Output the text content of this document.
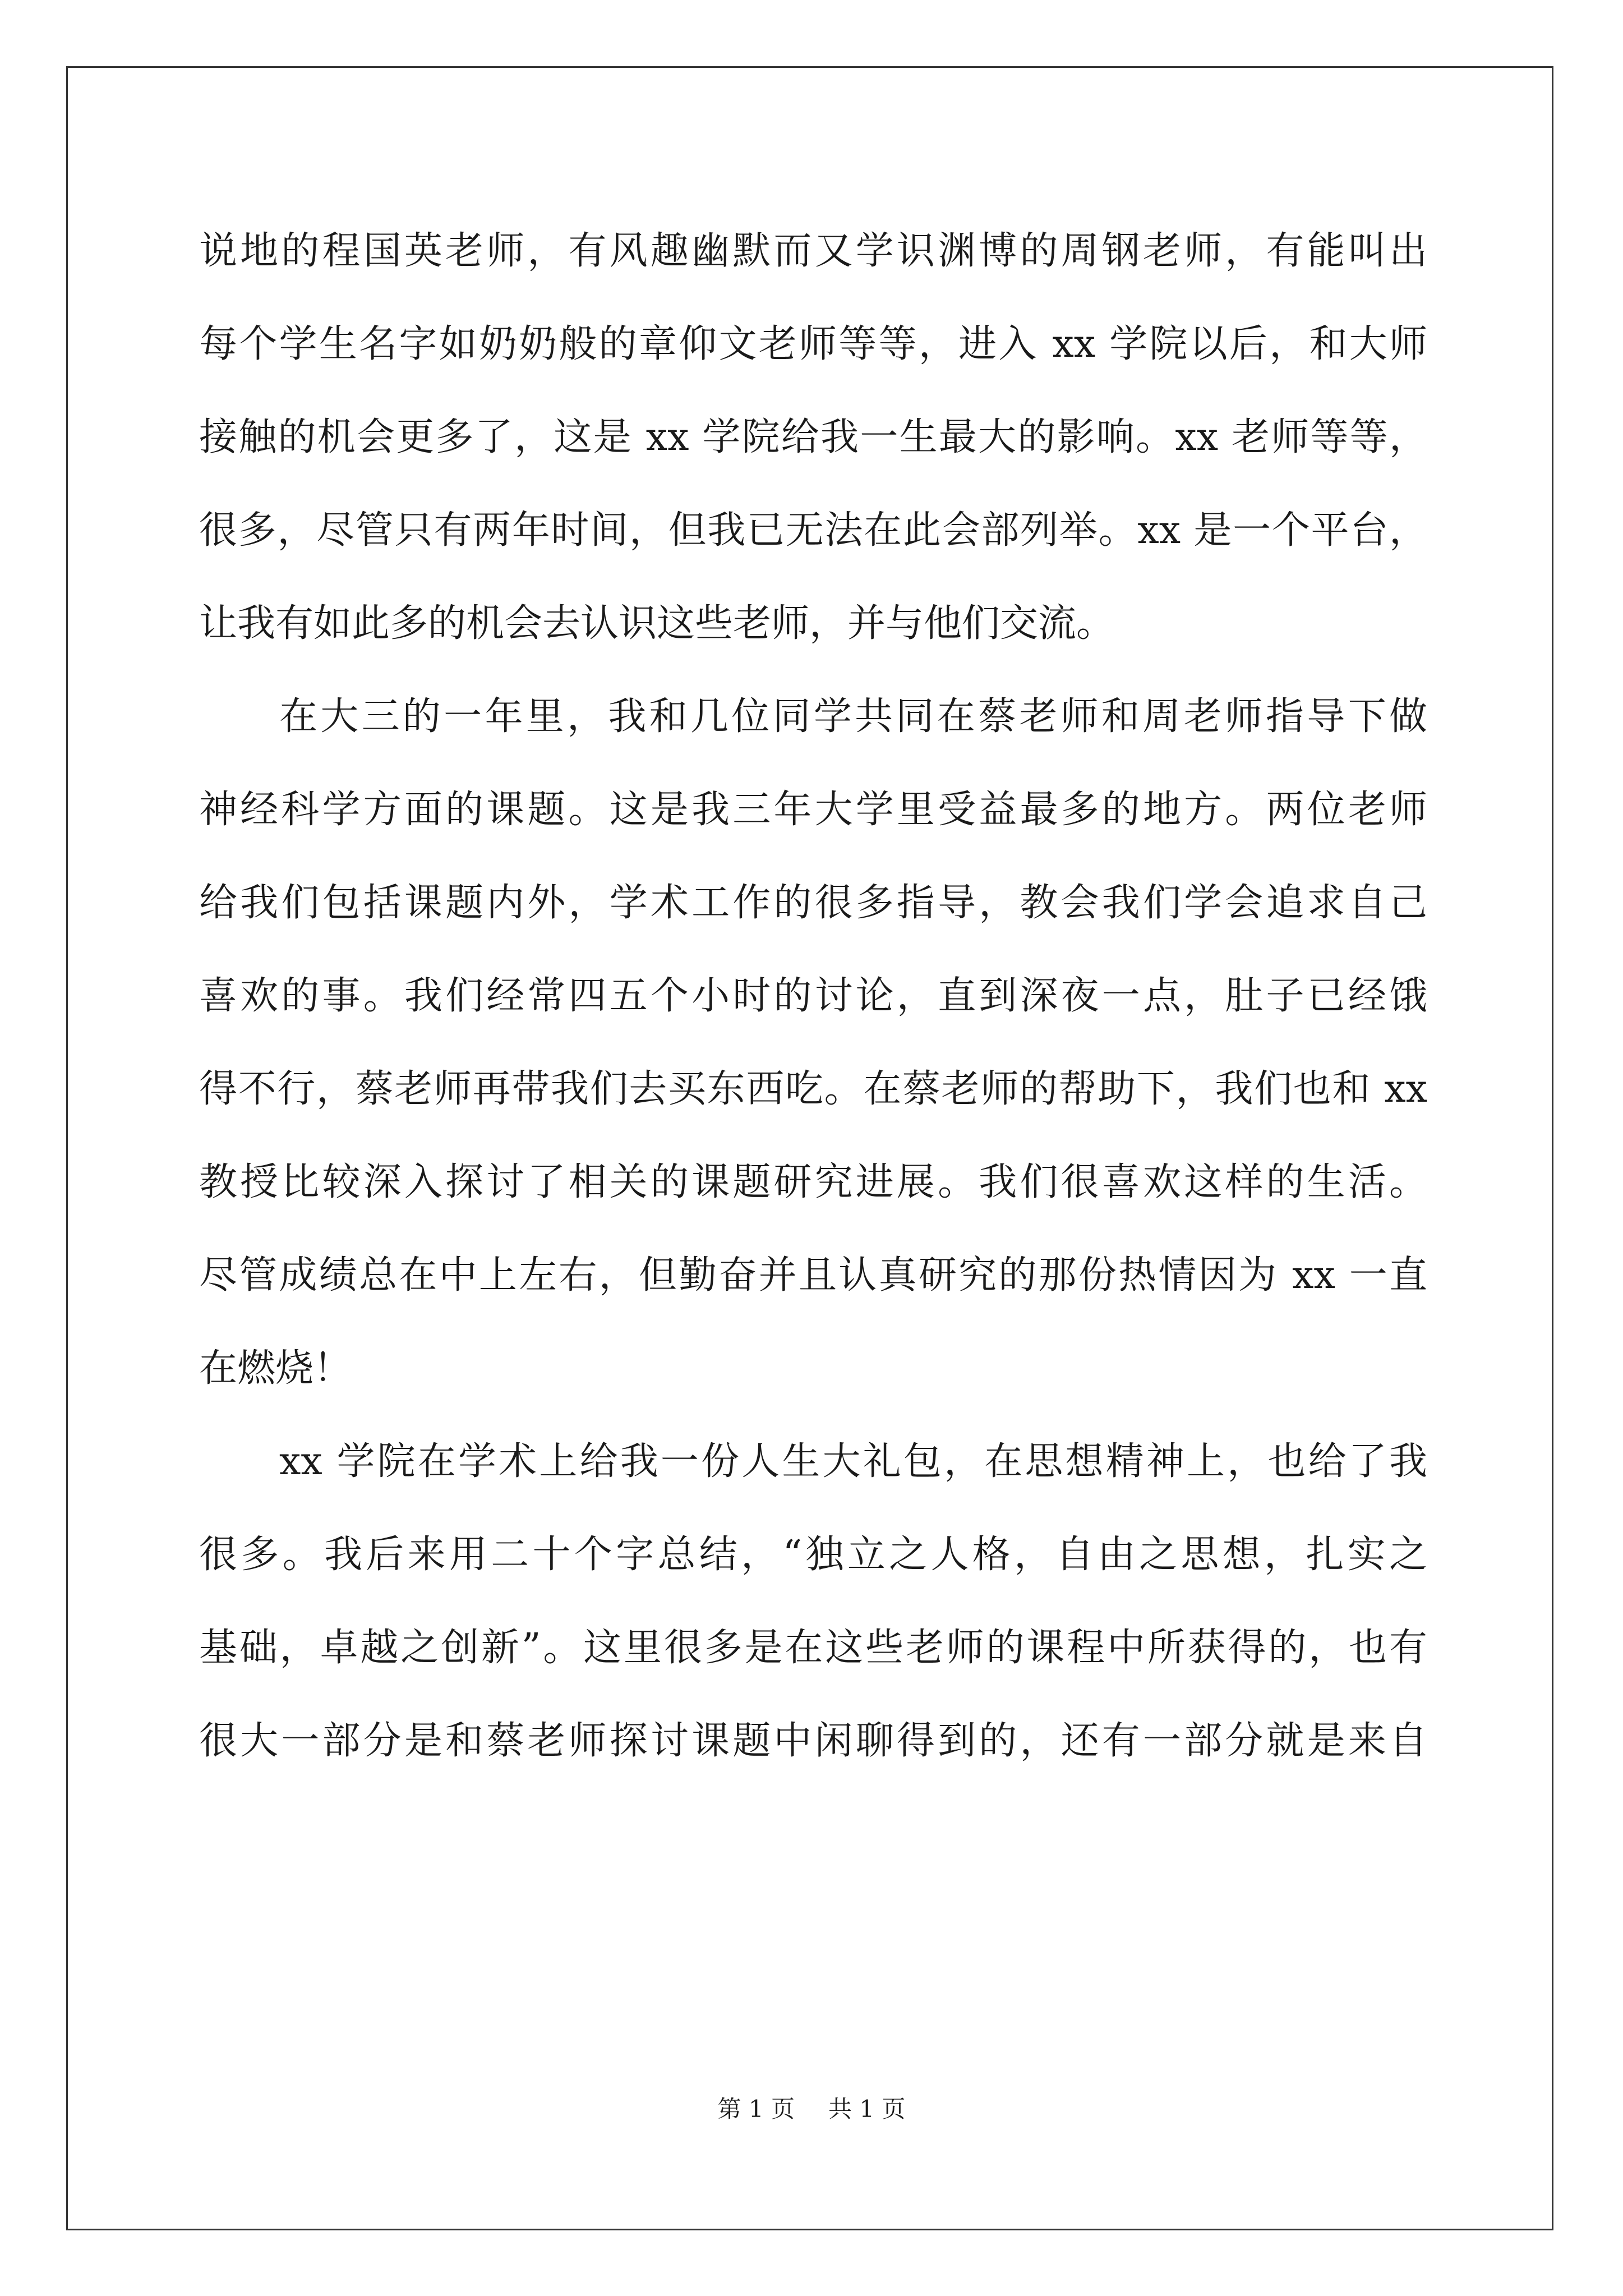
说地的程国英老师，有风趣幽默而又学识渊博的周钢老师，有能叫出
每个学生名字如奶奶般的章仰文老师等等，进入 xx 学院以后，和大师
接触的机会更多了，这是 xx 学院给我一生最大的影响。xx 老师等等，
很多，尽管只有两年时间，但我已无法在此会部列举。xx 是一个平台，
让我有如此多的机会去认识这些老师，并与他们交流。
在大三的一年里，我和几位同学共同在蔡老师和周老师指导下做
神经科学方面的课题。这是我三年大学里受益最多的地方。两位老师
给我们包括课题内外，学术工作的很多指导，教会我们学会追求自己
喜欢的事。我们经常四五个小时的讨论，直到深夜一点，肚子已经饿
得不行，蔡老师再带我们去买东西吃。在蔡老师的帮助下，我们也和 xx
教授比较深入探讨了相关的课题研究进展。我们很喜欢这样的生活。
尽管成绩总在中上左右，但勤奋并且认真研究的那份热情因为 xx 一直
在燃烧！
xx 学院在学术上给我一份人生大礼包，在思想精神上，也给了我
很多。我后来用二十个字总结，“独立之人格，自由之思想，扎实之
基础，卓越之创新”。这里很多是在这些老师的课程中所获得的，也有
很大一部分是和蔡老师探讨课题中闲聊得到的，还有一部分就是来自
第 1 页 共 1 页
